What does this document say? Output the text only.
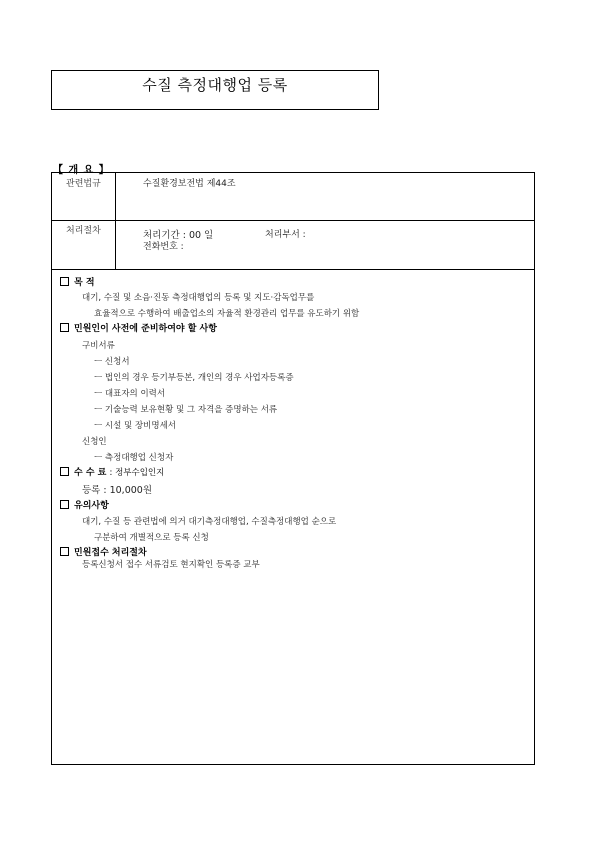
수질 측정대행업 등록
【 개 요 】
관련법규	수질환경보전법 제44조
처리절차	처리기간 : 00 일	처리부서 :
전화번호 :
목 적
대기, 수질 및 소음·진동 측정대행업의 등록 및 지도·감독업무를
효율적으로 수행하여 배출업소의 자율적 환경관리 업무를 유도하기 위함
민원인이 사전에 준비하여야 할 사항
구비서류
ㅡ 신청서
ㅡ 법인의 경우 등기부등본, 개인의 경우 사업자등록증
ㅡ 대표자의 이력서
ㅡ 기술능력 보유현황 및 그 자격을 증명하는 서류
ㅡ 시설 및 장비명세서
신청인
ㅡ 측정대행업 신청자
수 수 료 : 정부수입인지
등록 : 10,000원
유의사항
대기, 수질 등 관련법에 의거 대기측정대행업, 수질측정대행업 순으로
구분하여 개별적으로 등록 신청
민원접수 처리절차
등록신청서 접수 서류검토 현지확인 등록증 교부
